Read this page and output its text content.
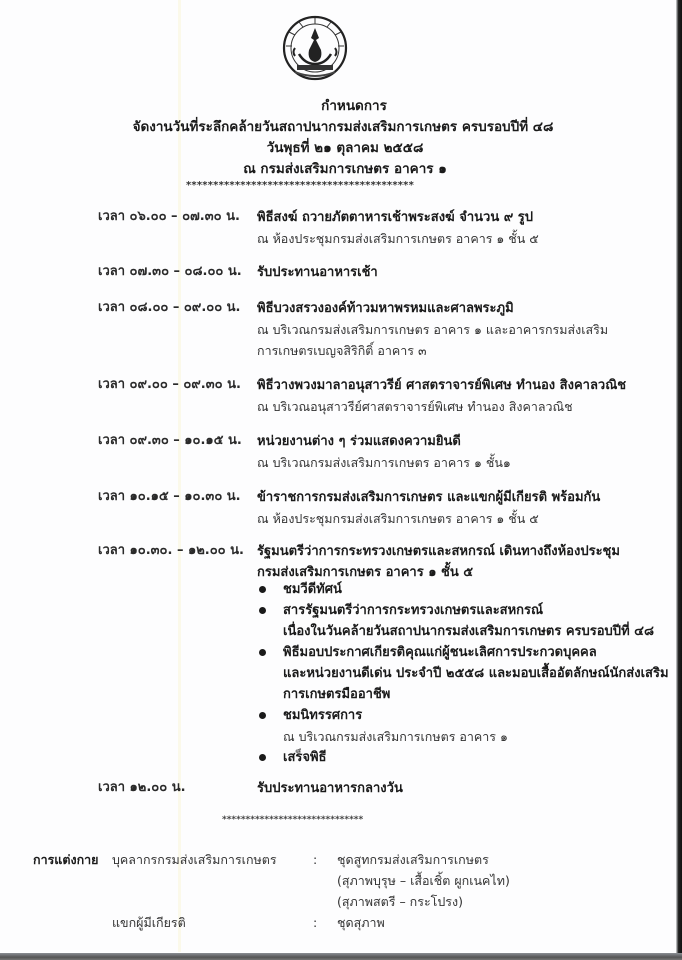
กำหนดการ
จัดงานวันที่ระลึกคล้ายวันสถาปนากรมส่งเสริมการเกษตร ครบรอบปีที่ ๔๘
วันพุธที่ ๒๑ ตุลาคม ๒๕๕๘
ณ กรมส่งเสริมการเกษตร อาคาร ๑
******************************************
เวลา ๐๖.๐๐ – ๐๗.๓๐ น. พิธีสงฆ์ ถวายภัตตาหารเช้าพระสงฆ์ จำนวน ๙ รูป
ณ ห้องประชุมกรมส่งเสริมการเกษตร อาคาร ๑ ชั้น ๕
เวลา ๐๗.๓๐ – ๐๘.๐๐ น. รับประทานอาหารเช้า
เวลา ๐๘.๐๐ – ๐๙.๐๐ น. พิธีบวงสรวงองค์ท้าวมหาพรหมและศาลพระภูมิ
ณ บริเวณกรมส่งเสริมการเกษตร อาคาร ๑ และอาคารกรมส่งเสริม
การเกษตรเบญจสิริกิติ์ อาคาร ๓
เวลา ๐๙.๐๐ – ๐๙.๓๐ น. พิธีวางพวงมาลาอนุสาวรีย์ ศาสตราจารย์พิเศษ ทำนอง สิงคาลวณิช
ณ บริเวณอนุสาวรีย์ศาสตราจารย์พิเศษ ทำนอง สิงคาลวณิช
เวลา ๐๙.๓๐ – ๑๐.๑๕ น. หน่วยงานต่าง ๆ ร่วมแสดงความยินดี
ณ บริเวณกรมส่งเสริมการเกษตร อาคาร ๑ ชั้น๑
เวลา ๑๐.๑๕ – ๑๐.๓๐ น. ข้าราชการกรมส่งเสริมการเกษตร และแขกผู้มีเกียรติ พร้อมกัน
ณ ห้องประชุมกรมส่งเสริมการเกษตร อาคาร ๑ ชั้น ๕
เวลา ๑๐.๓๐. – ๑๒.๐๐ น. รัฐมนตรีว่าการกระทรวงเกษตรและสหกรณ์ เดินทางถึงห้องประชุม
กรมส่งเสริมการเกษตร อาคาร ๑ ชั้น ๕
ชมวีดีทัศน์
สารรัฐมนตรีว่าการกระทรวงเกษตรและสหกรณ์
เนื่องในวันคล้ายวันสถาปนากรมส่งเสริมการเกษตร ครบรอบปีที่ ๔๘
พิธีมอบประกาศเกียรติคุณแก่ผู้ชนะเลิศการประกวดบุคคล
และหน่วยงานดีเด่น ประจำปี ๒๕๕๘ และมอบเสื้ออัตลักษณ์นักส่งเสริม
การเกษตรมืออาชีพ
ชมนิทรรศการ
ณ บริเวณกรมส่งเสริมการเกษตร อาคาร ๑
เสร็จพิธี
เวลา ๑๒.๐๐ น.	รับประทานอาหารกลางวัน
******************************
การแต่งกาย บุคลากรกรมส่งเสริมการเกษตร	: ชุดสูทกรมส่งเสริมการเกษตร
(สุภาพบุรุษ – เสื้อเชิ้ต ผูกเนคไท)
(สุภาพสตรี – กระโปรง)
แขกผู้มีเกียรติ	: ชุดสุภาพ
